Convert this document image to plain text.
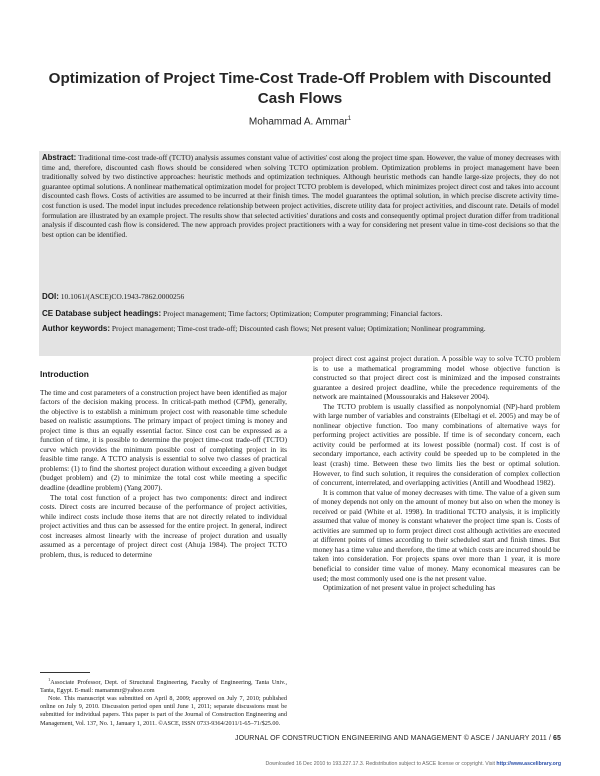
Optimization of Project Time-Cost Trade-Off Problem with Discounted Cash Flows
Mohammad A. Ammar$^1$

Abstract: Traditional time-cost trade-off (TCTO) analysis assumes constant value of activities' cost along the project time span. However, the value of money decreases with time and, therefore, discounted cash flows should be considered when solving TCTO optimization problem. Optimization problems in project management have been traditionally solved by two distinctive approaches: heuristic methods and optimization techniques. Although heuristic methods can handle large-size projects, they do not guarantee optimal solutions. A nonlinear mathematical optimization model for project TCTO problem is developed, which minimizes project direct cost and takes into account discounted cash flows. Costs of activities are assumed to be incurred at their finish times. The model guarantees the optimal solution, in which precise discrete activity time-cost function is used. The model input includes precedence relationship between project activities, discrete utility data for project activities, and discount rate. Details of model formulation are illustrated by an example project. The results show that selected activities' durations and costs and consequently optimal project duration differ from traditional analysis if discounted cash flow is considered. The new approach provides project practitioners with a way for considering net present value in time-cost decisions so that the best option can be identified.

DOI: 10.1061/(ASCE)CO.1943-7862.0000256
CE Database subject headings: Project management; Time factors; Optimization; Computer programming; Financial factors.
Author keywords: Project management; Time-cost trade-off; Discounted cash flows; Net present value; Optimization; Nonlinear programming.
Introduction

The time and cost parameters of a construction project have been identified as major factors of the decision making process. In critical-path method (CPM), generally, the objective is to establish a minimum project cost with reasonable time schedule based on realistic assumptions. The primary impact of project timing is money and project time is thus an equally essential factor. Since cost can be expressed as a function of time, it is possible to determine the project time-cost trade-off (TCTO) curve which provides the minimum possible cost of completing project in its feasible time range. A TCTO analysis is essential to solve two classes of practical problems: (1) to find the shortest project duration without exceeding a given budget (budget problem) and (2) to minimize the total cost while meeting a specific deadline (deadline problem) (Yang 2007).

The total cost function of a project has two components: direct and indirect costs. Direct costs are incurred because of the performance of project activities, while indirect costs include those items that are not directly related to individual project activities and thus can be assessed for the entire project. In general, indirect cost increases almost linearly with the increase of project duration and usually assumed as a percentage of project direct cost (Ahuja 1984). The project TCTO problem, thus, is reduced to determine

$^1$Associate Professor, Dept. of Structural Engineering, Faculty of Engineering, Tanta Univ., Tanta, Egypt. E-mail: mamammr@yahoo.com

Note. This manuscript was submitted on April 8, 2009; approved on July 7, 2010; published online on July 9, 2010. Discussion period open until June 1, 2011; separate discussions must be submitted for individual papers. This paper is part of the Journal of Construction Engineering and Management, Vol. 137, No. 1, January 1, 2011. ©ASCE, ISSN 0733-9364/2011/1-65–71/$25.00.

project direct cost against project duration. A possible way to solve TCTO problem is to use a mathematical programming model whose objective function is constructed so that project direct cost is minimized and the imposed constraints guarantee a desired project deadline, while the precedence requirements of the network are maintained (Moussourakis and Haksever 2004).

The TCTO problem is usually classified as nonpolynomial (NP)-hard problem with large number of variables and constraints (Elbeltagi et el. 2005) and may be of nonlinear objective function. Too many combinations of alternative ways for performing project activities are possible. If time is of secondary concern, each activity could be performed at its lowest possible (normal) cost. If cost is of secondary importance, each activity could be speeded up to be completed in the least (crash) time. Between these two limits lies the best or optimal solution. However, to find such solution, it requires the consideration of complex collection of concurrent, interrelated, and overlapping activities (Antill and Woodhead 1982).

It is common that value of money decreases with time. The value of a given sum of money depends not only on the amount of money but also on when the money is received or paid (White et al. 1998). In traditional TCTO analysis, it is implicitly assumed that value of money is constant whatever the project time span is. Costs of activities are summed up to form project direct cost although activities are executed at different points of times according to their scheduled start and finish times. But money has a time value and therefore, the time at which costs are incurred should be taken into consideration. For projects spans over more than 1 year, it is more beneficial to consider time value of money. Many economical measures can be used; the most commonly used one is the net present value.

Optimization of net present value in project scheduling has

JOURNAL OF CONSTRUCTION ENGINEERING AND MANAGEMENT © ASCE / JANUARY 2011 / 65
Downloaded 16 Dec 2010 to 193.227.17.3. Redistribution subject to ASCE license or copyright. Visit http://www.ascelibrary.org
